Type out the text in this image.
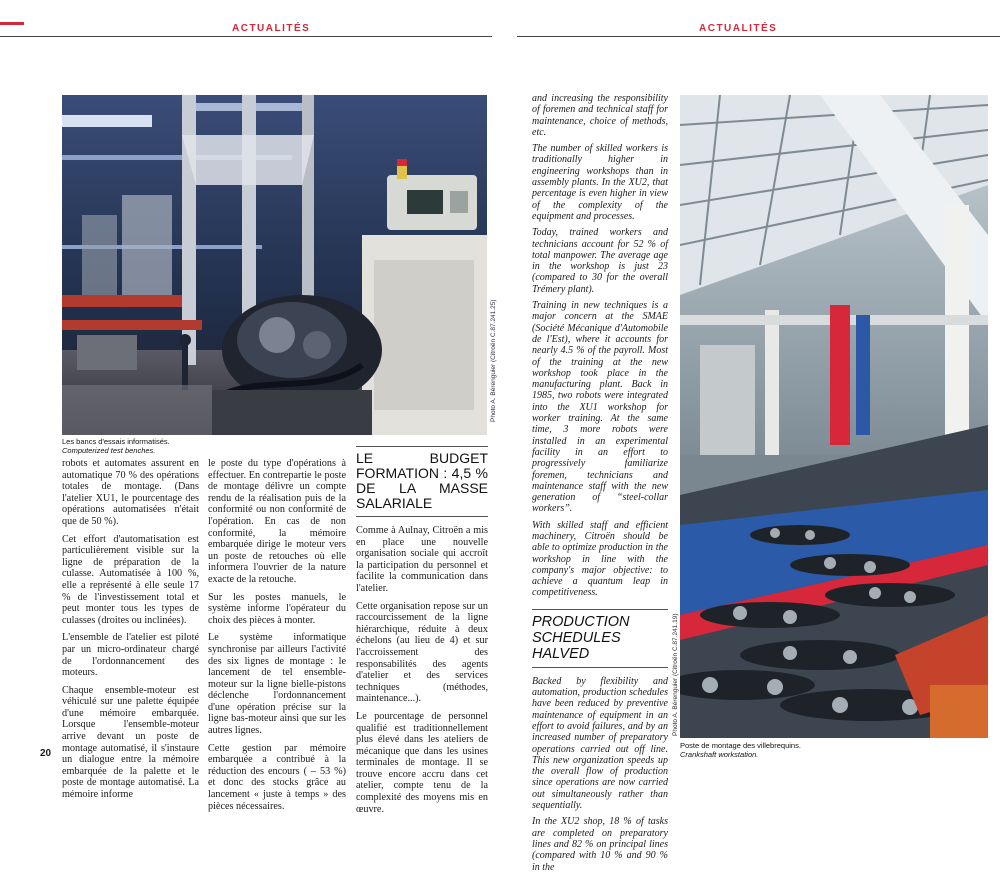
ACTUALITÉS	ACTUALITÉS
Photo A. Bérenguier (Citroën C.87.241.25)
Les bancs d'essais informatisés.
Computerized test benches.

robots et automates assurent en automatique 70 % des opérations totales de montage. (Dans l'atelier XU1, le pourcentage des opérations automatisées n'était que de 50 %).

Cet effort d'automatisation est particulièrement visible sur la ligne de préparation de la culasse. Automatisée à 100 %, elle a représenté à elle seule 17 % de l'investissement total et peut monter tous les types de culasses (droites ou inclinées).

L'ensemble de l'atelier est piloté par un micro-ordinateur chargé de l'ordonnancement des moteurs.

Chaque ensemble-moteur est véhiculé sur une palette équipée d'une mémoire embarquée. Lorsque l'ensemble-moteur arrive devant un poste de montage automatisé, il s'instaure un dialogue entre la mémoire embarquée de la palette et le poste de montage automatisé. La mémoire informe

le poste du type d'opérations à effectuer. En contrepartie le poste de montage délivre un compte rendu de la réalisation puis de la conformité ou non conformité de l'opération. En cas de non conformité, la mémoire embarquée dirige le moteur vers un poste de retouches où elle informera l'ouvrier de la nature exacte de la retouche.

Sur les postes manuels, le système informe l'opérateur du choix des pièces à monter.

Le système informatique synchronise par ailleurs l'activité des six lignes de montage : le lancement de tel ensemble-moteur sur la ligne bielle-pistons déclenche l'ordonnancement d'une opération précise sur la ligne bas-moteur ainsi que sur les autres lignes.

Cette gestion par mémoire embarquée a contribué à la réduction des encours ( – 53 %) et donc des stocks grâce au lancement « juste à temps » des pièces nécessaires.

LE BUDGET FORMATION : 4,5 % DE LA MASSE SALARIALE

Comme à Aulnay, Citroën a mis en place une nouvelle organisation sociale qui accroît la participation du personnel et facilite la communication dans l'atelier.

Cette organisation repose sur un raccourcissement de la ligne hiérarchique, réduite à deux échelons (au lieu de 4) et sur l'accroissement des responsabilités des agents d'atelier et des services techniques (méthodes, maintenance...).

Le pourcentage de personnel qualifié est traditionnellement plus élevé dans les ateliers de mécanique que dans les usines terminales de montage. Il se trouve encore accru dans cet atelier, compte tenu de la complexité des moyens mis en œuvre.

20

and increasing the responsibility of foremen and technical staff for maintenance, choice of methods, etc.

The number of skilled workers is traditionally higher in engineering workshops than in assembly plants. In the XU2, that percentage is even higher in view of the complexity of the equipment and processes.

Today, trained workers and technicians account for 52 % of total manpower. The average age in the workshop is just 23 (compared to 30 for the overall Trémery plant).

Training in new techniques is a major concern at the SMAE (Société Mécanique d'Automobile de l'Est), where it accounts for nearly 4.5 % of the payroll. Most of the training at the new workshop took place in the manufacturing plant. Back in 1985, two robots were integrated into the XU1 workshop for worker training. At the same time, 3 more robots were installed in an experimental facility in an effort to progressively familiarize foremen, technicians and maintenance staff with the new generation of “steel-collar workers”.

With skilled staff and efficient machinery, Citroën should be able to optimize production in the workshop in line with the company's major objective: to achieve a quantum leap in competitiveness.

PRODUCTION SCHEDULES HALVED

Backed by flexibility and automation, production schedules have been reduced by preventive maintenance of equipment in an effort to avoid failures, and by an increased number of preparatory operations carried out off line. This new organization speeds up the overall flow of production since operations are now carried out simultaneously rather than sequentially.

In the XU2 shop, 18 % of tasks are completed on preparatory lines and 82 % on principal lines (compared with 10 % and 90 % in the

Photo A. Bérenguier (Citroën C.87.241.19)
Poste de montage des villebrequins.
Crankshaft workstation.
